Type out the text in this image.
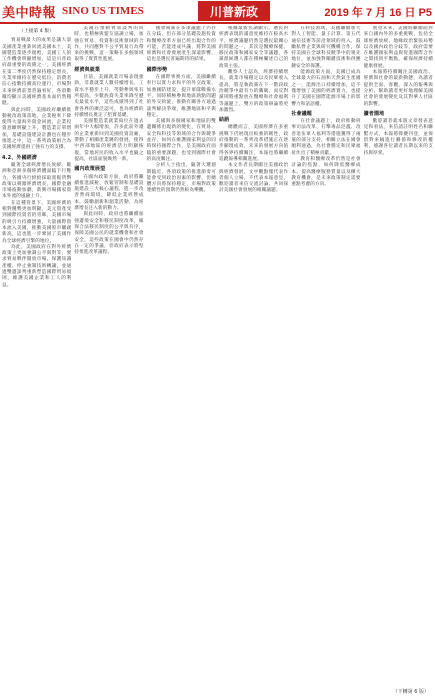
美中時報 SINO US TIMES	川普新政	2019 年 7 月 16 日 P5

（上接第 4 版）

貿易戰最大的成果是讓大量美國產業重新回流美國本土，美國製造業逐步復甦，美國工人的工作機會明顯增加，這是川普政府最重要的政績之一。美國經濟在第二季度仍然保持穩定增長，失業率維持在歷史低位，消費者信心指數持續高位運行，市場對未來經濟前景普遍看好，各項數據均顯示美國經濟基本面仍然穩健。

與此同時，美國政府繼續推動稅改政策落地，企業稅率下降使得大量海外資金回流，企業投資意願明顯上升，製造業訂單增加，基礎設施建設計劃也在穩步推進之中，這一系列政策組合為美國經濟提供了強有力的支撐。

4.2、外國經濟

隨著全球經濟增長放緩，歐洲和亞洲多個經濟體面臨下行壓力，各國央行紛紛採取寬鬆貨幣政策以刺激經濟增長，國際金融市場波動加劇，新興市場國家資本外流的風險上升。

在這種背景下，美國經濟的相對優勢更加明顯，美元資產受到國際投資者的青睞，美國市場的吸引力持續增強，大量國際資本流入美國，推動美國股市屢創新高，這也進一步鞏固了美國作為全球經濟引擎的地位。

為此，美國政府在對外經濟政策上更加強調公平與對等，要求貿易夥伴開放市場、保護知識產權、停止強制技術轉讓，並通過雙邊談判重新塑造國際貿易規則，維護美國企業和工人的利益。

美國在推動貿易談判的同時，也積極與盟友協調立場，加強在貿易、投資和技術領域的合作，共同應對不公平貿易行為帶來的挑戰，這一策略在多個領域取得了實質性進展。

經濟與就業

目前，美國就業市場表現強勁，非農就業人數持續增長，工資水平穩步上升，勞動參與率有所提高，少數族裔失業率降至歷史最低水平，這些成績得到了社會各界的廣泛認可，也為經濟的持續增長奠定了堅實基礎。

美國製造業就業崗位在過去兩年中大幅增加，許多此前外遷的企業重新回到美國投資設廠，帶動了相關產業鏈的發展，使得中西部地區的經濟活力明顯恢復，當地居民的收入水平也隨之提高，社區面貌煥然一新。

國內政策展望

在國內政策方面，政府將繼續推進減稅、放鬆管制和基礎設施建設三大核心議程，進一步改善營商環境，降低企業經營成本，鼓勵創新和創業活動，為經濟增長注入新的動力。

與此同時，政府也將繼續加強邊境安全和移民制度改革，確保合法移民制度的公平與有序，保障美國公民的就業機會和社會安全，這些政策在國會中仍然存在一定的爭議，但政府表示將堅持推進改革議程。

國會兩黨在多項議題上仍存在分歧，但在部分基礎設施投資和醫療改革方面已經出現合作的可能，若能達成共識，將對美國經濟和社會發展產生深遠影響，這也是選民普遍期待的結果。

國際形勢

在國際事務方面，美國繼續奉行以實力求和平的外交政策，加強國防建設，提升軍隊戰備水平，同時積極參與地區熱點問題的外交斡旋，推動有關各方通過談判解決爭端，維護地區和平與穩定。

美國與多個國家和地區的雙邊關係出現新的變化，在貿易、安全和科技等領域的合作與競爭並存，如何在維護國家利益的同時保持國際合作，是美國政府面臨的重要課題，也受到國際社會的高度關注。

分析人士指出，隨著大選週期臨近，各項政策的推進節奏可能會受到政治因素的影響，但總體方向將保持穩定，市場對政策連續性的預期仍然較為樂觀。

根據最新民調顯示，選民對經濟表現的滿意度維持在較高水平，經濟議題仍然是選民最關心的問題之一，其次是醫療保健、移民政策和國家安全等議題，各黨派候選人都在積極闡述自己的政策主張。

觀察人士認為，經濟持續增長、就業市場穩定以及民眾收入提高，將是執政黨在下一階段政治競爭中最有力的籌碼，而反對黨則將重點放在醫療和社會福利等議題上，雙方的政策辯論將更加激烈。

結語

總體而言，美國經濟在多重挑戰下仍展現出較強的韌性，政府推動的一系列改革措施正在逐步顯現成效，未來的發展方向值得各界持續關注，本報也將繼續追蹤報導相關進展。

本文作者長期關注美國政治與經濟發展，文中觀點僅代表作者個人立場，不代表本報意見，歡迎讀者來信交流討論，共同探討美國社會發展的相關議題。

在科技領域，美國繼續加大對人工智能、量子計算、第五代通信技術等前沿領域的投入，鼓勵私營企業與研究機構合作，保持美國在全球科技競爭中的領先地位，並加強對關鍵技術和供應鏈安全的保護。

能源政策方面，美國已成為全球最大的石油和天然氣生產國之一，能源出口持續增加，這不僅增強了美國的經濟實力，也提升了美國在國際能源市場上的影響力和話語權。

社會議題

在社會議題上，政府推動刑事司法改革、打擊毒品氾濫、改善退伍軍人福利等措施獲得了兩黨的部分支持，相關立法在國會順利通過，為社會穩定和民眾福祉作出了積極貢獻。

教育和醫療改革仍然是社會討論的焦點，如何降低醫療成本、提高醫療服務質量以及擴大教育機會，是未來政策制定需要重點考慮的方向。

展望未來，美國將繼續面對來自國內外的多重挑戰，包括全球經濟放緩、地緣政治緊張局勢以及國內政治分歧等，政府需要在維護國家利益與促進國際合作之間找到平衡點，確保經濟持續健康發展。

本報將持續關注美國政治、經濟與社會的最新動態，為讀者提供全面、客觀、深入的報導與分析，幫助讀者更好地理解美國社會的發展變化及其對華人社區的影響。

讀者園地

歡迎讀者就本版文章發表意見和看法，來信請註明姓名和聯繫方式，本報將擇優刊登，並保留對來稿進行刪節和修改的權利，感謝各位讀者長期以來的支持與厚愛。

（下轉第 6 版）
